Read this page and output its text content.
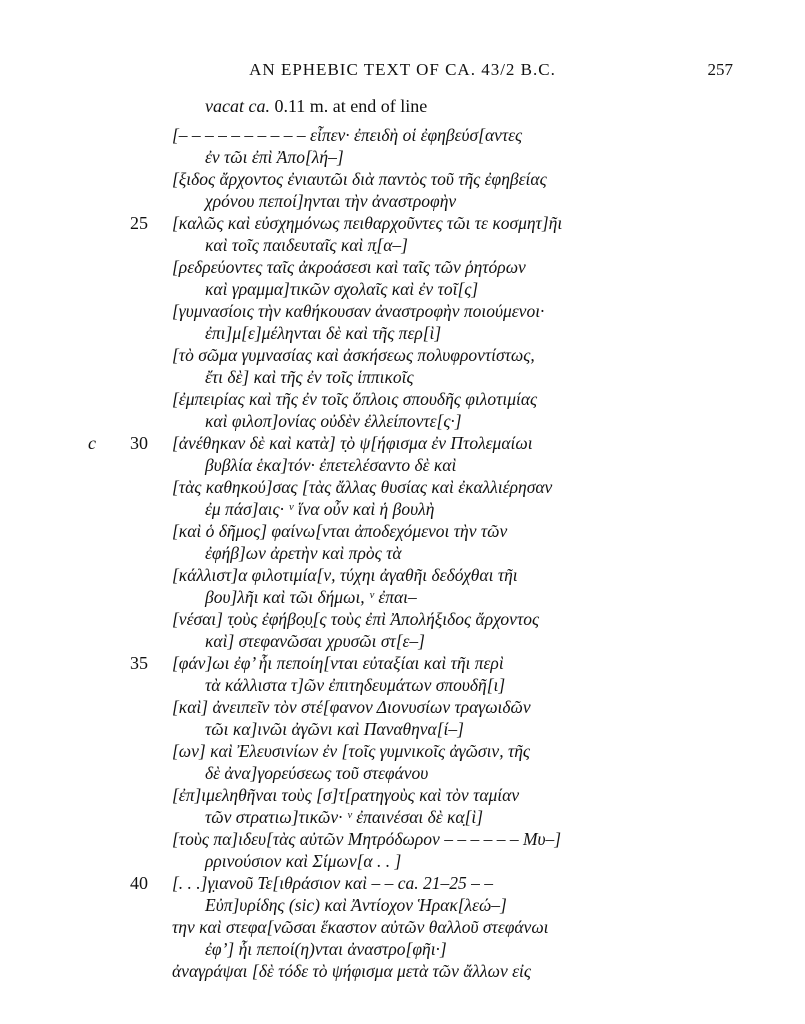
AN EPHEBIC TEXT OF CA. 43/2 B.C.	257
vacat ca. 0.11 m. at end of line
[– – – – – – – – – – εἶπεν· ἐπειδὴ οἱ ἐφηβεύσ[αντες
ἐν τῶι ἐπὶ Ἀπο[λή–]
[ξιδος ἄρχοντος ἐνιαυτῶι διὰ παντὸς τοῦ τῆς ἐφηβείας
χρόνου πεποί]ηνται τὴν ἀναστροφὴν
25 [καλῶς καὶ εὐσχημόνως πειθαρχοῦντες τῶι τε κοσμητ]ῆι
καὶ τοῖς παιδευταῖς καὶ π̣[α–]
[ρεδρεύοντες ταῖς ἀκροάσεσι καὶ ταῖς τῶν ῥητόρων
καὶ γραμμα]τικῶν σχολαῖς καὶ ἐν τοῖ[ς]
[γυμνασίοις τὴν καθήκουσαν ἀναστροφὴν ποιούμενοι·
ἐπι]μ[ε]μέληνται δὲ καὶ τῆς περ[ὶ]
[τὸ σῶμα γυμνασίας καὶ ἀσκήσεως πολυφροντίστως,
ἔτι δὲ] καὶ τῆς ἐν τοῖς ἱππικοῖς
[ἐμπειρίας καὶ τῆς ἐν τοῖς ὅπλοις σπουδῆς φιλοτιμίας
καὶ φιλοπ]ονίας οὐδὲν ἐλλείποντε[ς·]
c 30 [ἀνέθηκαν δὲ καὶ κατὰ] τ̣ὸ ψ[ήφισμα ἐν Πτολεμαίωι
βυβλία ἑκα]τόν· ἐπετελέσαντο δὲ καὶ
[τὰς καθηκού]σας [τὰς ἄλλας θυσίας καὶ ἐκαλλιέρησαν
ἐμ πάσ]αις· ᵛ ἵνα οὖν καὶ ἡ βουλὴ
[καὶ ὁ δῆμος] φαίνω[νται ἀποδεχόμενοι τὴν τῶν
ἐφήβ]ων ἀρετὴν καὶ πρὸς τὰ
[κάλλιστ]α φιλοτιμία[ν, τύχηι ἀγαθῆι δεδόχθαι τῆι
βου]λῆι καὶ τῶι δήμωι, ᵛ ἐπαι–
[νέσαι] τ̣οὺς ἐφήβο̣υ̣[ς τοὺς ἐπὶ Ἀπολήξιδος ἄρχοντος
καὶ] στεφανῶσαι χρυσῶι στ[ε–]
35 [φάν]ωι ἐφ’ ἧι πεποίη[νται εὐταξίαι καὶ τῆι περὶ
τὰ κάλλιστα τ]ῶν ἐπιτηδευμάτων σπουδῆ[ι]
[καὶ] ἀνειπεῖν τὸν στέ[φανον Διονυσίων τραγωιδῶν
τῶι κα]ινῶι ἀγῶνι καὶ Παναθηνα[ί–]
[ων] καὶ Ἐλευσινίων ἐν [τοῖς γυμνικοῖς ἀγῶσιν, τῆς
δὲ ἀνα]γορεύσεως τοῦ στεφάνου
[ἐπ]ιμεληθῆναι τοὺς [σ]τ[ρατηγοὺς καὶ τὸν ταμίαν
τῶν στρατιω]τικῶν· ᵛ ἐπαινέσαι δὲ κα̣[ὶ]
[τοὺς πα]ιδευ[τὰς αὐτῶν Μητρόδωρον – – – – – – Μυ–]
ρρινούσιον καὶ Σίμων[α . . ]
40 [. . .]γ̣ιανοῦ Τε[ιθράσιον καὶ – – ca. 21–25 – –
Εὐπ]υρίδης (sic) καὶ Ἀντίοχον Ἡρακ[λεώ–]
την καὶ στεφα[νῶσαι ἕκαστον αὐτῶν θαλλοῦ στεφάνωι
ἐφ’] ἧι πεποί(η)νται ἀναστρο[φῆι·]
ἀναγράψαι [δὲ τόδε τὸ ψήφισμα μετὰ τῶν ἄλλων εἰς
